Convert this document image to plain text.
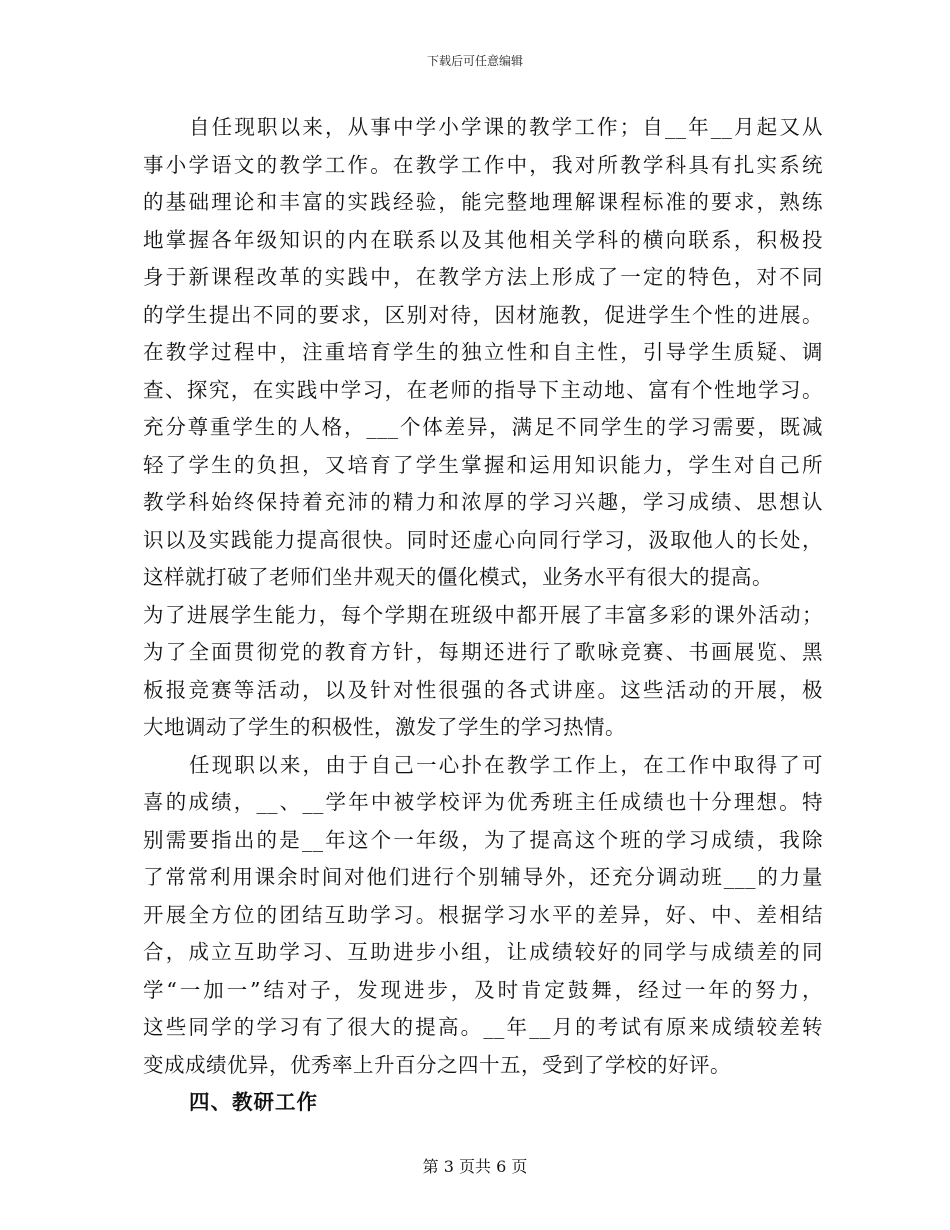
下载后可任意编辑
自任现职以来，从事中学小学课的教学工作；自__年__月起又从
事小学语文的教学工作。在教学工作中，我对所教学科具有扎实系统
的基础理论和丰富的实践经验，能完整地理解课程标准的要求，熟练
地掌握各年级知识的内在联系以及其他相关学科的横向联系，积极投
身于新课程改革的实践中，在教学方法上形成了一定的特色，对不同
的学生提出不同的要求，区别对待，因材施教，促进学生个性的进展。
在教学过程中，注重培育学生的独立性和自主性，引导学生质疑、调
查、探究，在实践中学习，在老师的指导下主动地、富有个性地学习。
充分尊重学生的人格，___个体差异，满足不同学生的学习需要，既减
轻了学生的负担，又培育了学生掌握和运用知识能力，学生对自己所
教学科始终保持着充沛的精力和浓厚的学习兴趣，学习成绩、思想认
识以及实践能力提高很快。同时还虚心向同行学习，汲取他人的长处，
这样就打破了老师们坐井观天的僵化模式，业务水平有很大的提高。
为了进展学生能力，每个学期在班级中都开展了丰富多彩的课外活动；
为了全面贯彻党的教育方针，每期还进行了歌咏竞赛、书画展览、黑
板报竞赛等活动，以及针对性很强的各式讲座。这些活动的开展，极
大地调动了学生的积极性，激发了学生的学习热情。
任现职以来，由于自己一心扑在教学工作上，在工作中取得了可
喜的成绩，__、__学年中被学校评为优秀班主任成绩也十分理想。特
别需要指出的是__年这个一年级，为了提高这个班的学习成绩，我除
了常常利用课余时间对他们进行个别辅导外，还充分调动班___的力量
开展全方位的团结互助学习。根据学习水平的差异，好、中、差相结
合，成立互助学习、互助进步小组，让成绩较好的同学与成绩差的同
学“一加一”结对子，发现进步，及时肯定鼓舞，经过一年的努力，
这些同学的学习有了很大的提高。__年__月的考试有原来成绩较差转
变成成绩优异，优秀率上升百分之四十五，受到了学校的好评。
四、教研工作
第 3 页共 6 页
